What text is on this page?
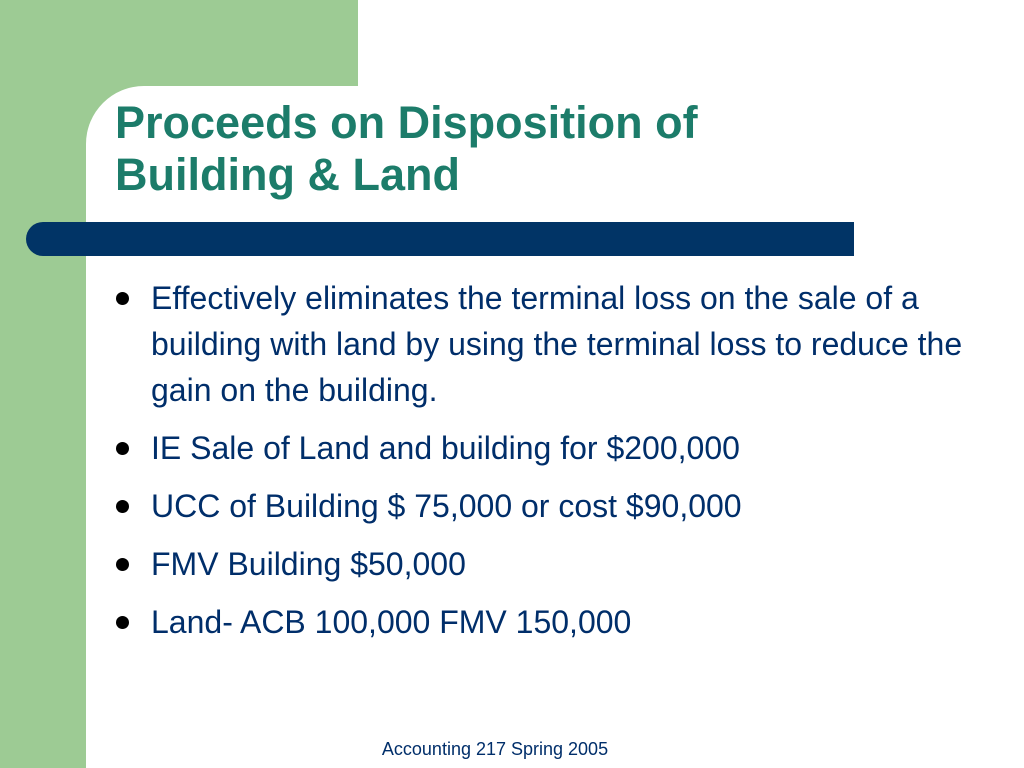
Proceeds on Disposition of
Building & Land
Effectively eliminates the terminal loss on the sale of a building with land by using the terminal loss to reduce the gain on the building.
IE Sale of Land and building for $200,000
UCC of Building $ 75,000 or cost $90,000
FMV Building $50,000
Land- ACB 100,000 FMV 150,000
Accounting 217 Spring 2005
